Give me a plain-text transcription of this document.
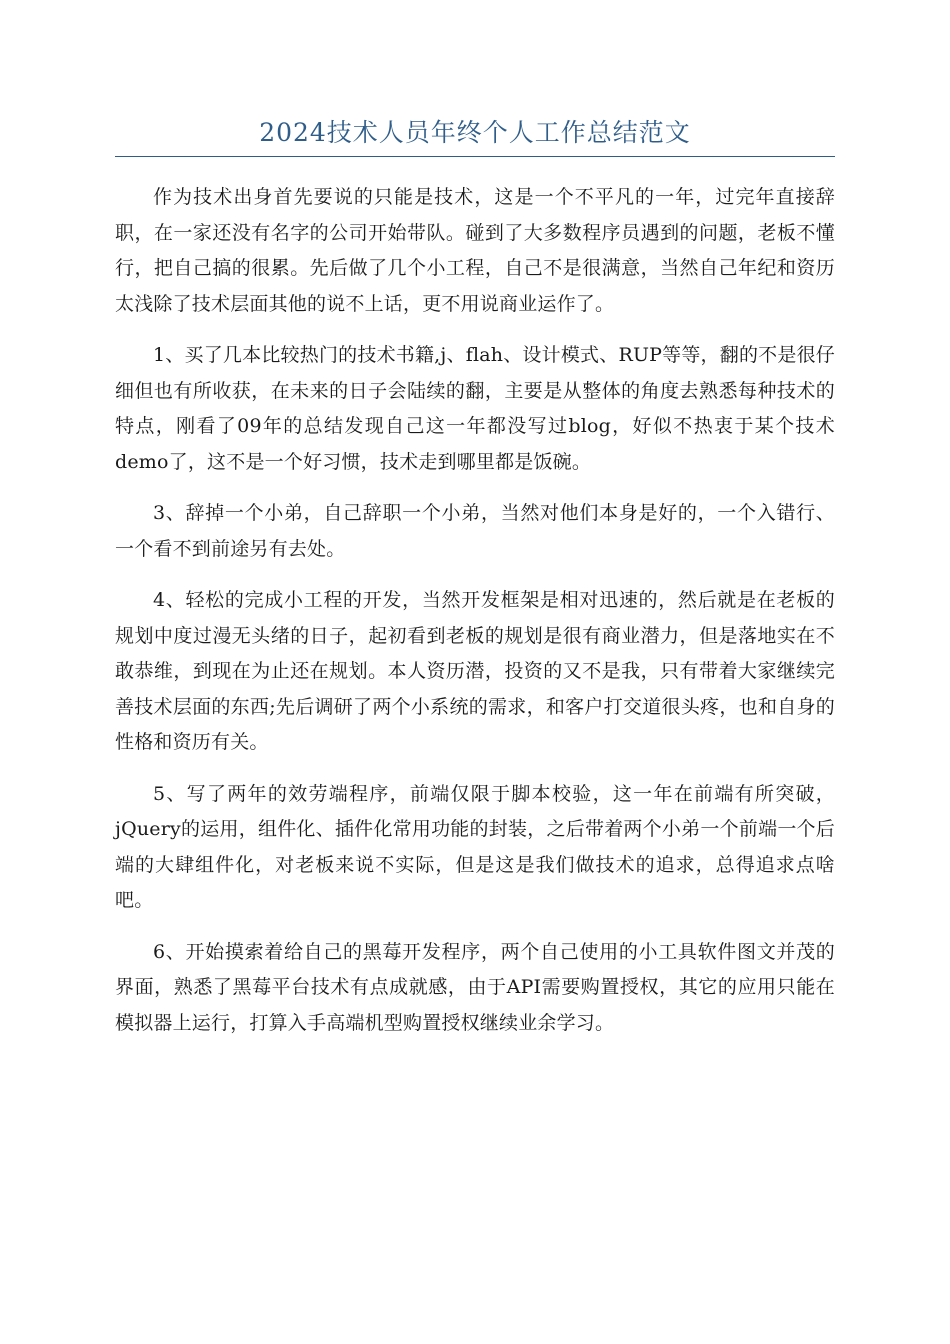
2024技术人员年终个人工作总结范文

作为技术出身首先要说的只能是技术，这是一个不平凡的一年，过完年直接辞职，在一家还没有名字的公司开始带队。碰到了大多数程序员遇到的问题，老板不懂行，把自己搞的很累。先后做了几个小工程，自己不是很满意，当然自己年纪和资历太浅除了技术层面其他的说不上话，更不用说商业运作了。

1、买了几本比较热门的技术书籍,j、flah、设计模式、RUP等等，翻的不是很仔细但也有所收获，在未来的日子会陆续的翻，主要是从整体的角度去熟悉每种技术的特点，刚看了09年的总结发现自己这一年都没写过blog，好似不热衷于某个技术demo了，这不是一个好习惯，技术走到哪里都是饭碗。

3、辞掉一个小弟，自己辞职一个小弟，当然对他们本身是好的，一个入错行、一个看不到前途另有去处。

4、轻松的完成小工程的开发，当然开发框架是相对迅速的，然后就是在老板的规划中度过漫无头绪的日子，起初看到老板的规划是很有商业潜力，但是落地实在不敢恭维，到现在为止还在规划。本人资历潜，投资的又不是我，只有带着大家继续完善技术层面的东西;先后调研了两个小系统的需求，和客户打交道很头疼，也和自身的性格和资历有关。

5、写了两年的效劳端程序，前端仅限于脚本校验，这一年在前端有所突破，jQuery的运用，组件化、插件化常用功能的封装，之后带着两个小弟一个前端一个后端的大肆组件化，对老板来说不实际，但是这是我们做技术的追求，总得追求点啥吧。

6、开始摸索着给自己的黑莓开发程序，两个自己使用的小工具软件图文并茂的界面，熟悉了黑莓平台技术有点成就感，由于API需要购置授权，其它的应用只能在模拟器上运行，打算入手高端机型购置授权继续业余学习。
